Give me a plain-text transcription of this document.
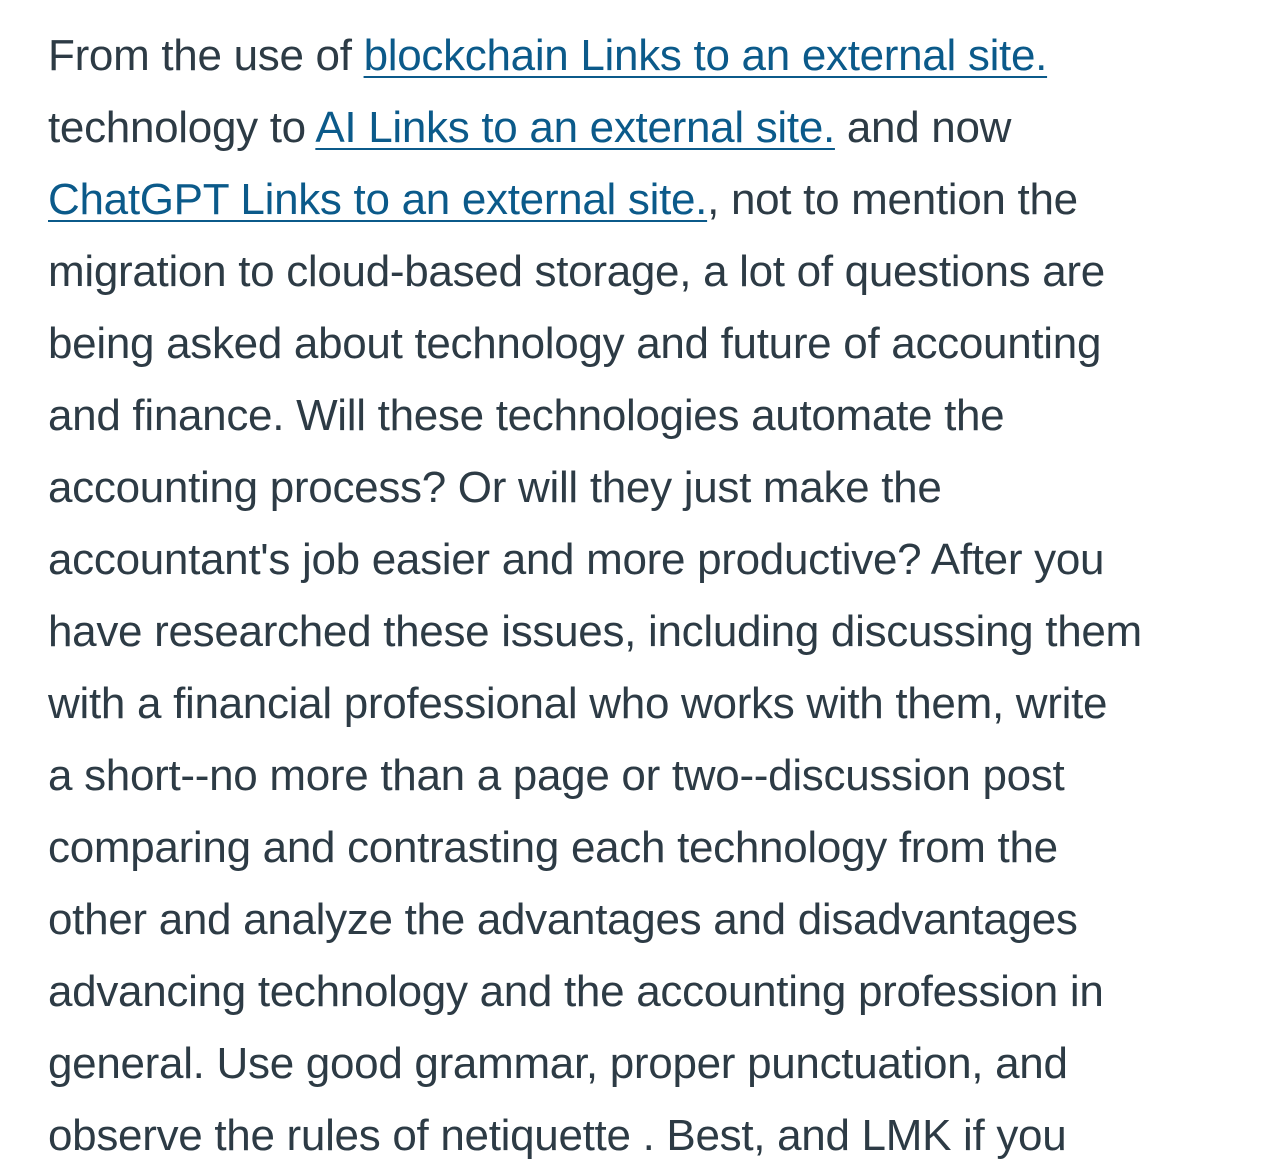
From the use of blockchain Links to an external site.
technology to AI Links to an external site. and now
ChatGPT Links to an external site., not to mention the
migration to cloud-based storage, a lot of questions are
being asked about technology and future of accounting
and finance. Will these technologies automate the
accounting process? Or will they just make the
accountant's job easier and more productive? After you
have researched these issues, including discussing them
with a financial professional who works with them, write
a short--no more than a page or two--discussion post
comparing and contrasting each technology from the
other and analyze the advantages and disadvantages
advancing technology and the accounting profession in
general. Use good grammar, proper punctuation, and
observe the rules of netiquette . Best, and LMK if you
